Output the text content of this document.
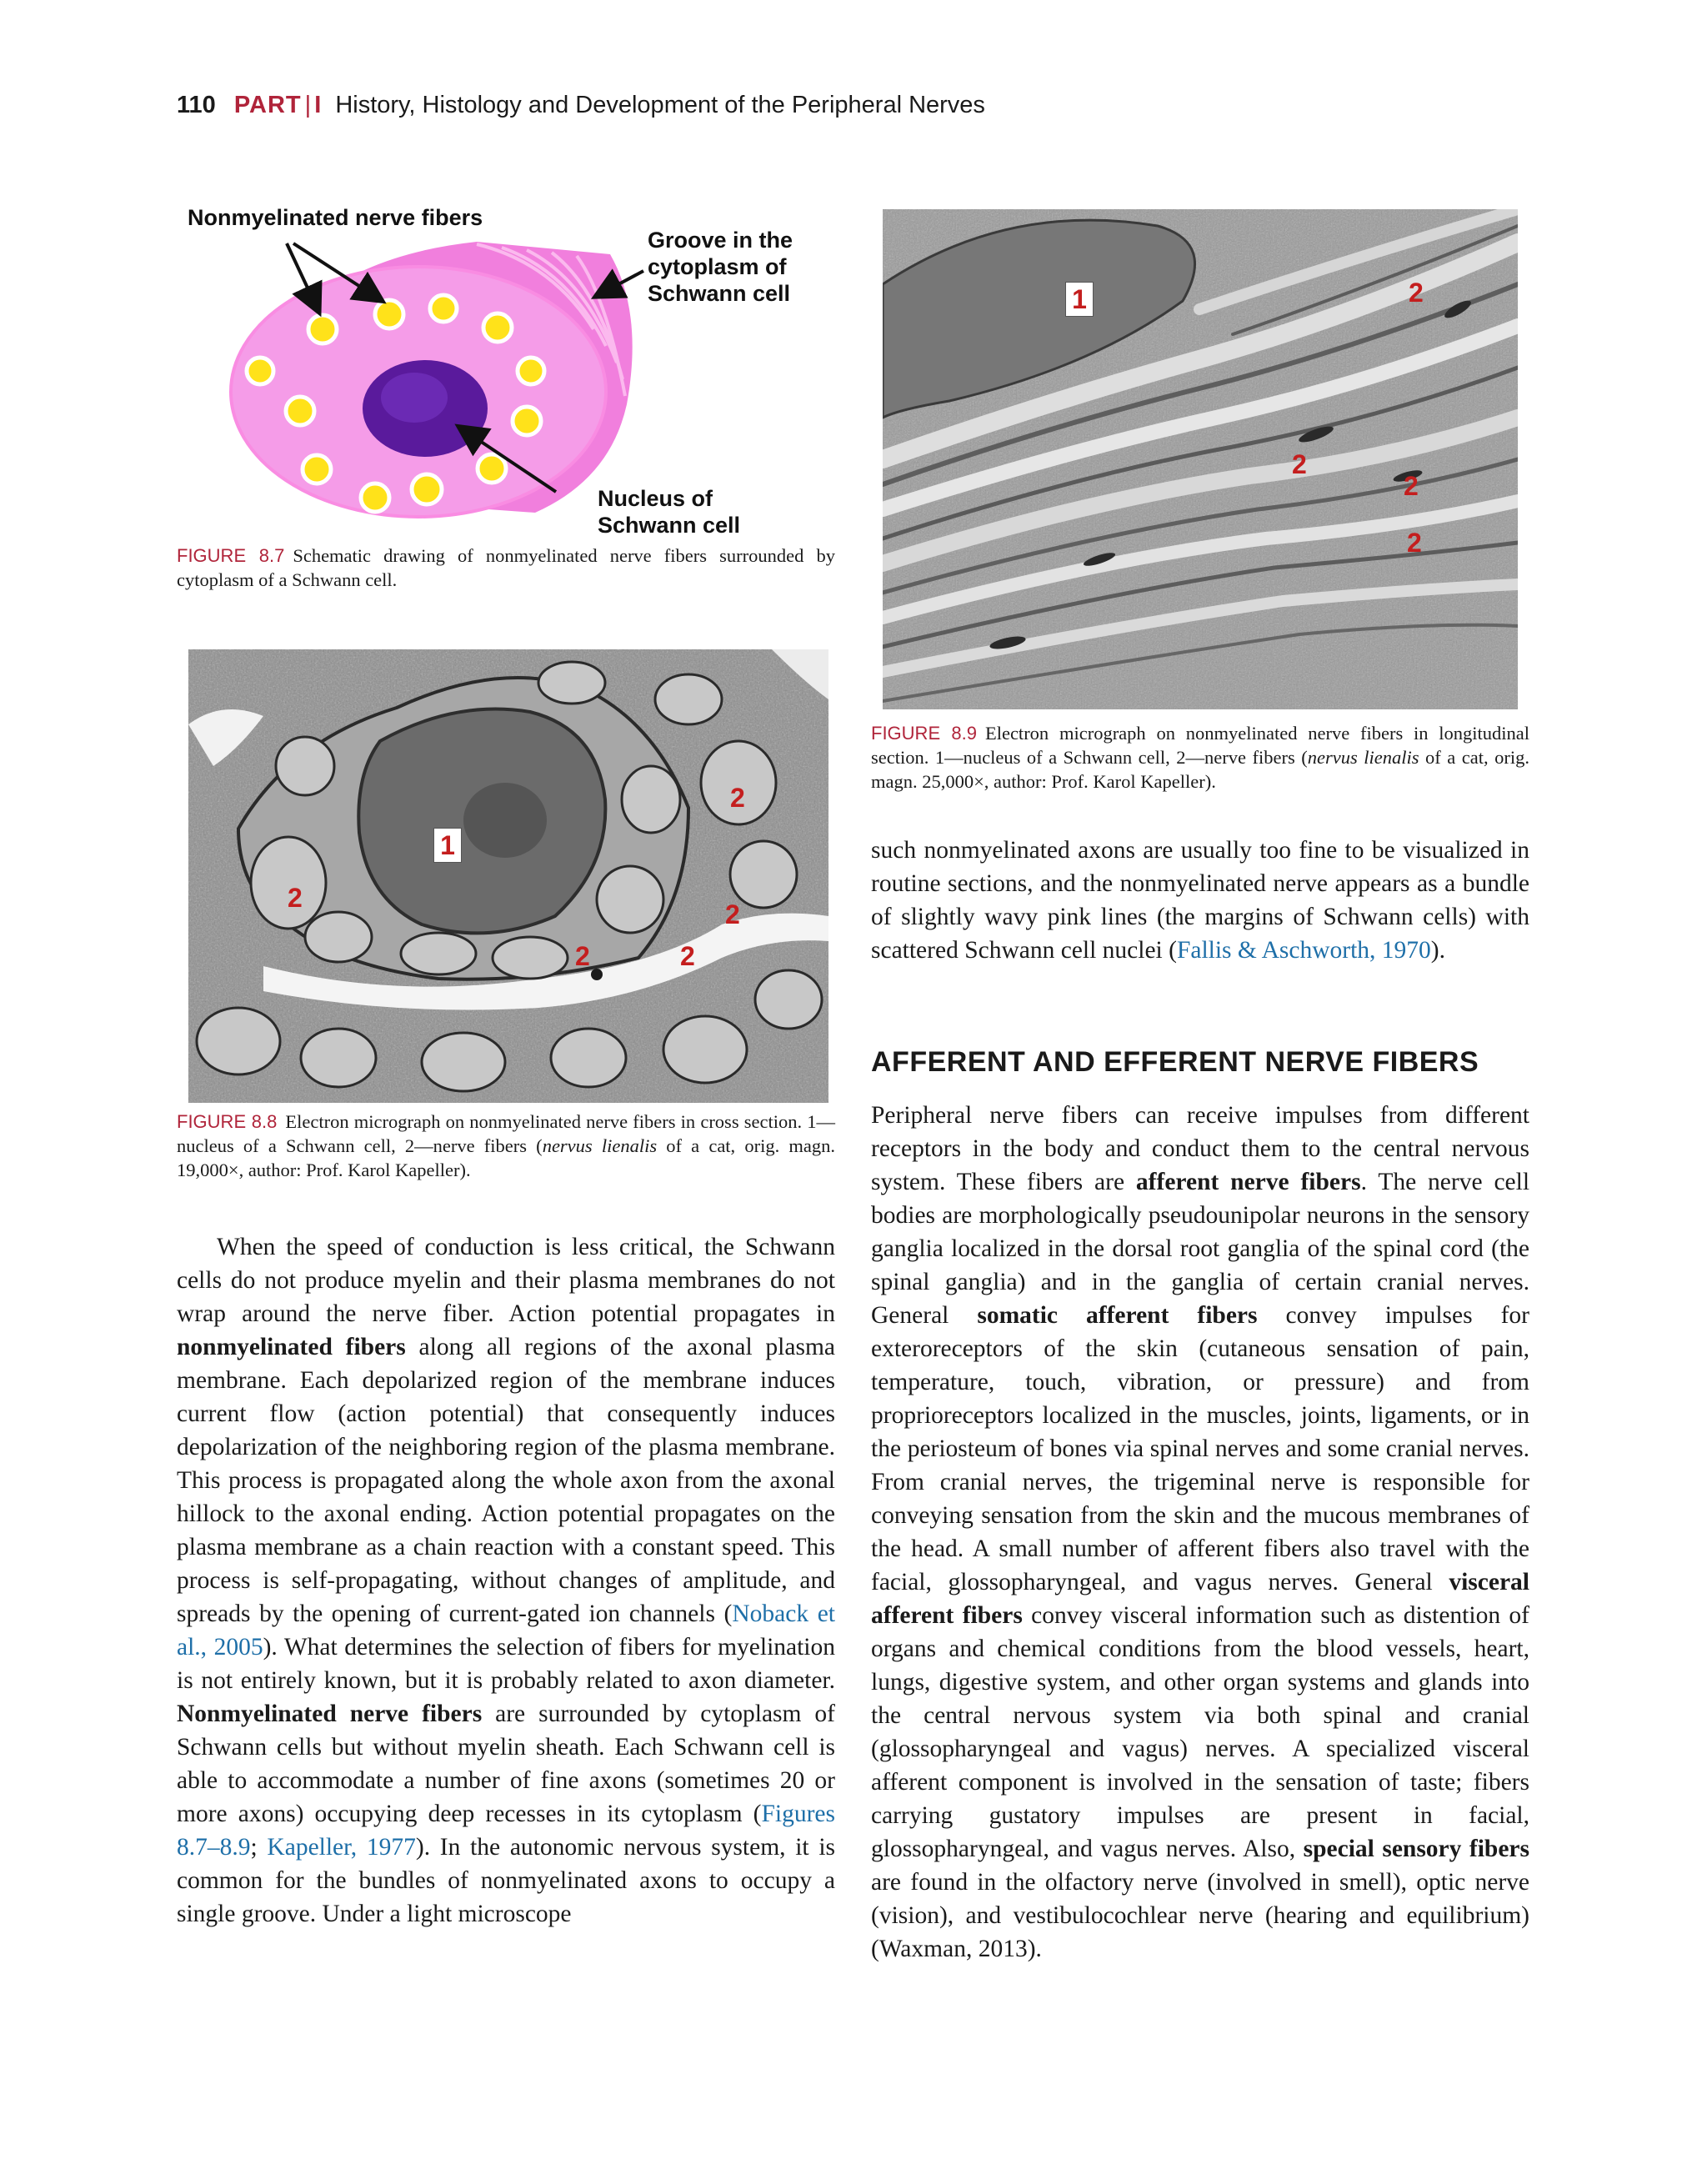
110 PART | I History, Histology and Development of the Peripheral Nerves
Nonmyelinated nerve fibers
Groove in the cytoplasm of Schwann cell
Nucleus of Schwann cell
FIGURE 8.7 Schematic drawing of nonmyelinated nerve fibers surrounded by cytoplasm of a Schwann cell.
1
2
2
2
2	2
FIGURE 8.8 Electron micrograph on nonmyelinated nerve fibers in cross section. 1—nucleus of a Schwann cell, 2—nerve fibers (nervus lienalis of a cat, orig. magn. 19,000×, author: Prof. Karol Kapeller).
1	2
2
2
2
FIGURE 8.9 Electron micrograph on nonmyelinated nerve fibers in longitudinal section. 1—nucleus of a Schwann cell, 2—nerve fibers (nervus lienalis of a cat, orig. magn. 25,000×, author: Prof. Karol Kapeller).

When the speed of conduction is less critical, the Schwann cells do not produce myelin and their plasma membranes do not wrap around the nerve fiber. Action potential propagates in nonmyelinated fibers along all regions of the axonal plasma membrane. Each depolarized region of the membrane induces current flow (action potential) that consequently induces depolarization of the neighboring region of the plasma membrane. This process is propagated along the whole axon from the axonal hillock to the axonal ending. Action potential propagates on the plasma membrane as a chain reaction with a constant speed. This process is self-propagating, without changes of amplitude, and spreads by the opening of current-gated ion channels (Noback et al., 2005). What determines the selection of fibers for myelination is not entirely known, but it is probably related to axon diameter. Nonmyelinated nerve fibers are surrounded by cytoplasm of Schwann cells but without myelin sheath. Each Schwann cell is able to accommodate a number of fine axons (sometimes 20 or more axons) occupying deep recesses in its cytoplasm (Figures 8.7–8.9; Kapeller, 1977). In the autonomic nervous system, it is common for the bundles of nonmyelinated axons to occupy a single groove. Under a light microscope

such nonmyelinated axons are usually too fine to be visualized in routine sections, and the nonmyelinated nerve appears as a bundle of slightly wavy pink lines (the margins of Schwann cells) with scattered Schwann cell nuclei (Fallis & Aschworth, 1970).

AFFERENT AND EFFERENT NERVE FIBERS

Peripheral nerve fibers can receive impulses from different receptors in the body and conduct them to the central nervous system. These fibers are afferent nerve fibers. The nerve cell bodies are morphologically pseudounipolar neurons in the sensory ganglia localized in the dorsal root ganglia of the spinal cord (the spinal ganglia) and in the ganglia of certain cranial nerves. General somatic afferent fibers convey impulses for exteroreceptors of the skin (cutaneous sensation of pain, temperature, touch, vibration, or pressure) and from proprioreceptors localized in the muscles, joints, ligaments, or in the periosteum of bones via spinal nerves and some cranial nerves. From cranial nerves, the trigeminal nerve is responsible for conveying sensation from the skin and the mucous membranes of the head. A small number of afferent fibers also travel with the facial, glossopharyngeal, and vagus nerves. General visceral afferent fibers convey visceral information such as distention of organs and chemical conditions from the blood vessels, heart, lungs, digestive system, and other organ systems and glands into the central nervous system via both spinal and cranial (glossopharyngeal and vagus) nerves. A specialized visceral afferent component is involved in the sensation of taste; fibers carrying gustatory impulses are present in facial, glossopharyngeal, and vagus nerves. Also, special sensory fibers are found in the olfactory nerve (involved in smell), optic nerve (vision), and vestibulocochlear nerve (hearing and equilibrium) (Waxman, 2013).
